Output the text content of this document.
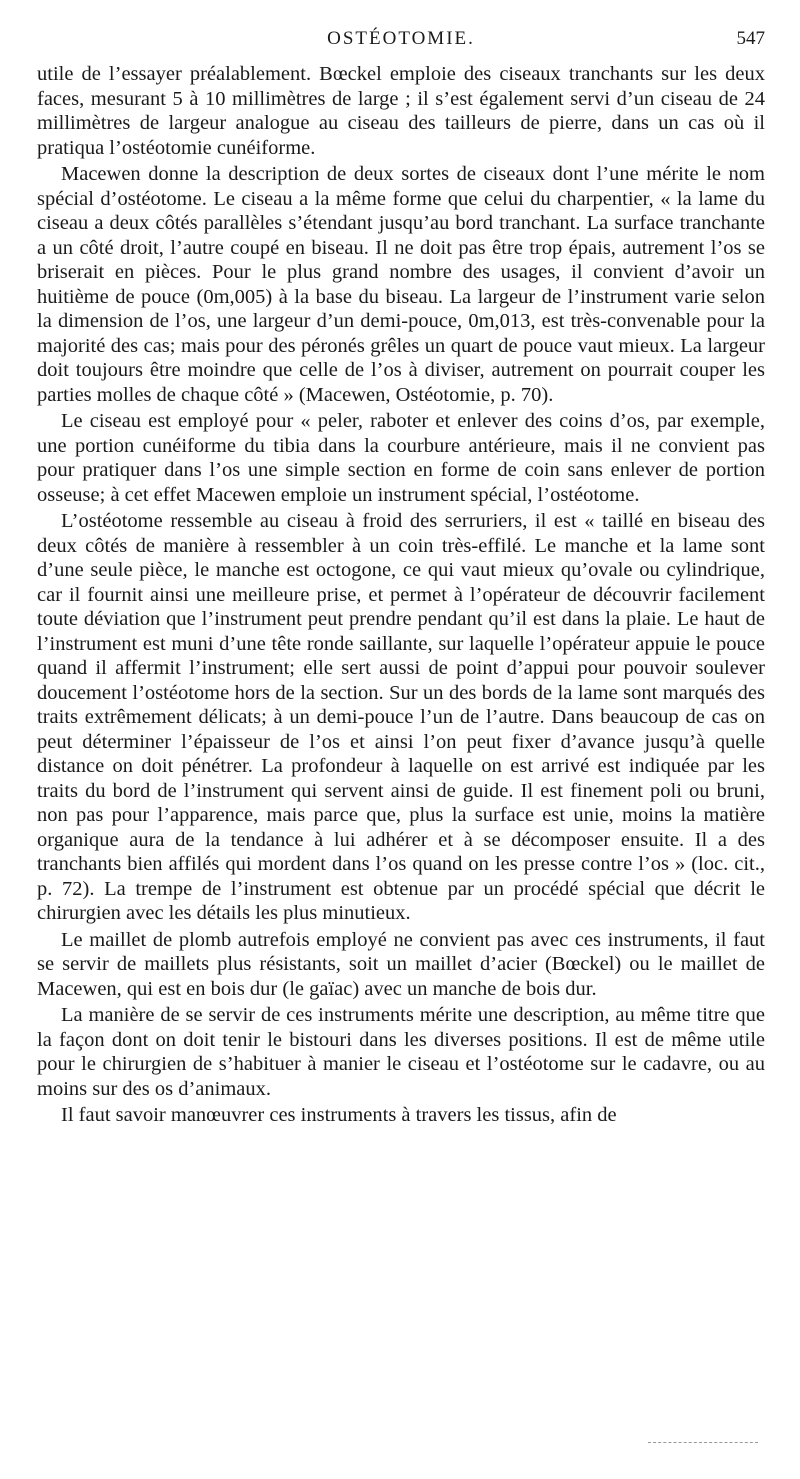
OSTÉOTOMIE.	547

utile de l’essayer préalablement. Bœckel emploie des ciseaux tranchants sur les deux faces, mesurant 5 à 10 millimètres de large ; il s’est également servi d’un ciseau de 24 millimètres de largeur analogue au ciseau des tailleurs de pierre, dans un cas où il pratiqua l’ostéotomie cunéiforme.

Macewen donne la description de deux sortes de ciseaux dont l’une mérite le nom spécial d’ostéotome. Le ciseau a la même forme que celui du charpentier, « la lame du ciseau a deux côtés parallèles s’étendant jusqu’au bord tranchant. La surface tranchante a un côté droit, l’autre coupé en biseau. Il ne doit pas être trop épais, autrement l’os se briserait en pièces. Pour le plus grand nombre des usages, il convient d’avoir un huitième de pouce (0m,005) à la base du biseau. La largeur de l’instrument varie selon la dimension de l’os, une largeur d’un demi-pouce, 0m,013, est très-convenable pour la majorité des cas; mais pour des péronés grêles un quart de pouce vaut mieux. La largeur doit toujours être moindre que celle de l’os à diviser, autrement on pourrait couper les parties molles de chaque côté » (Macewen, Ostéotomie, p. 70).

Le ciseau est employé pour « peler, raboter et enlever des coins d’os, par exemple, une portion cunéiforme du tibia dans la courbure antérieure, mais il ne convient pas pour pratiquer dans l’os une simple section en forme de coin sans enlever de portion osseuse; à cet effet Macewen emploie un instrument spécial, l’ostéotome.

L’ostéotome ressemble au ciseau à froid des serruriers, il est « taillé en biseau des deux côtés de manière à ressembler à un coin très-effilé. Le manche et la lame sont d’une seule pièce, le manche est octogone, ce qui vaut mieux qu’ovale ou cylindrique, car il fournit ainsi une meilleure prise, et permet à l’opérateur de découvrir facilement toute déviation que l’instrument peut prendre pendant qu’il est dans la plaie. Le haut de l’instrument est muni d’une tête ronde saillante, sur laquelle l’opérateur appuie le pouce quand il affermit l’instrument; elle sert aussi de point d’appui pour pouvoir soulever doucement l’ostéotome hors de la section. Sur un des bords de la lame sont marqués des traits extrêmement délicats; à un demi-pouce l’un de l’autre. Dans beaucoup de cas on peut déterminer l’épaisseur de l’os et ainsi l’on peut fixer d’avance jusqu’à quelle distance on doit pénétrer. La profondeur à laquelle on est arrivé est indiquée par les traits du bord de l’instrument qui servent ainsi de guide. Il est finement poli ou bruni, non pas pour l’apparence, mais parce que, plus la surface est unie, moins la matière organique aura de la tendance à lui adhérer et à se décomposer ensuite. Il a des tranchants bien affilés qui mordent dans l’os quand on les presse contre l’os » (loc. cit., p. 72). La trempe de l’instrument est obtenue par un procédé spécial que décrit le chirurgien avec les détails les plus minutieux.

Le maillet de plomb autrefois employé ne convient pas avec ces instruments, il faut se servir de maillets plus résistants, soit un maillet d’acier (Bœckel) ou le maillet de Macewen, qui est en bois dur (le gaïac) avec un manche de bois dur.

La manière de se servir de ces instruments mérite une description, au même titre que la façon dont on doit tenir le bistouri dans les diverses positions. Il est de même utile pour le chirurgien de s’habituer à manier le ciseau et l’ostéotome sur le cadavre, ou au moins sur des os d’animaux.

Il faut savoir manœuvrer ces instruments à travers les tissus, afin de
